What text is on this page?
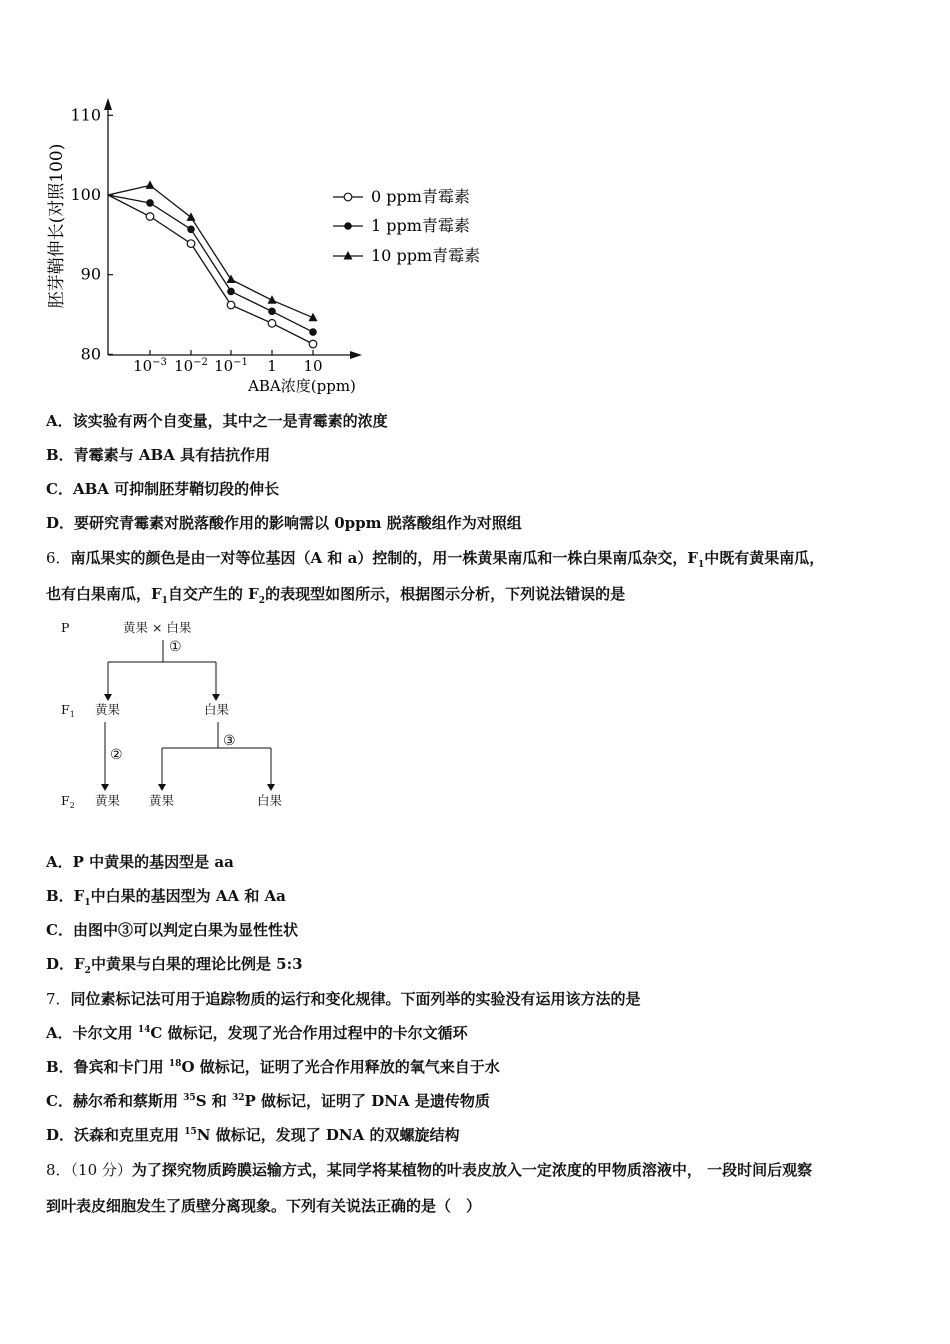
110
100
90
80
$10^{-3}$ $10^{-2}$ $10^{-1}$ 1 10
0 ppm青霉素
1 ppm青霉素
10 ppm青霉素
胚芽鞘伸长(对照100)
ABA浓度(ppm)
A．该实验有两个自变量，其中之一是青霉素的浓度
B．青霉素与 ABA 具有拮抗作用
C．ABA 可抑制胚芽鞘切段的伸长
D．要研究青霉素对脱落酸作用的影响需以 0ppm 脱落酸组作为对照组
6．南瓜果实的颜色是由一对等位基因（A 和 a）控制的，用一株黄果南瓜和一株白果南瓜杂交，$F_1$中既有黄果南瓜，
也有白果南瓜，$F_1$自交产生的 $F_2$的表现型如图所示，根据图示分析，下列说法错误的是
P	黄果 × 白果
$F_1$
$F_2$
黄果	白果
黄果 黄果	白果
①
②
③
A．P 中黄果的基因型是 aa
B．$F_1$中白果的基因型为 AA 和 Aa
C．由图中③可以判定白果为显性性状
D．$F_2$中黄果与白果的理论比例是 5:3
7．同位素标记法可用于追踪物质的运行和变化规律。下面列举的实验没有运用该方法的是
A．卡尔文用 $^{14}$C 做标记，发现了光合作用过程中的卡尔文循环
B．鲁宾和卡门用 $^{18}$O 做标记，证明了光合作用释放的氧气来自于水
C．赫尔希和蔡斯用 $^{35}$S 和 $^{32}$P 做标记，证明了 DNA 是遗传物质
D．沃森和克里克用 $^{15}$N 做标记，发现了 DNA 的双螺旋结构
8．（10 分）为了探究物质跨膜运输方式，某同学将某植物的叶表皮放入一定浓度的甲物质溶液中， 一段时间后观察
到叶表皮细胞发生了质壁分离现象。下列有关说法正确的是（　）
